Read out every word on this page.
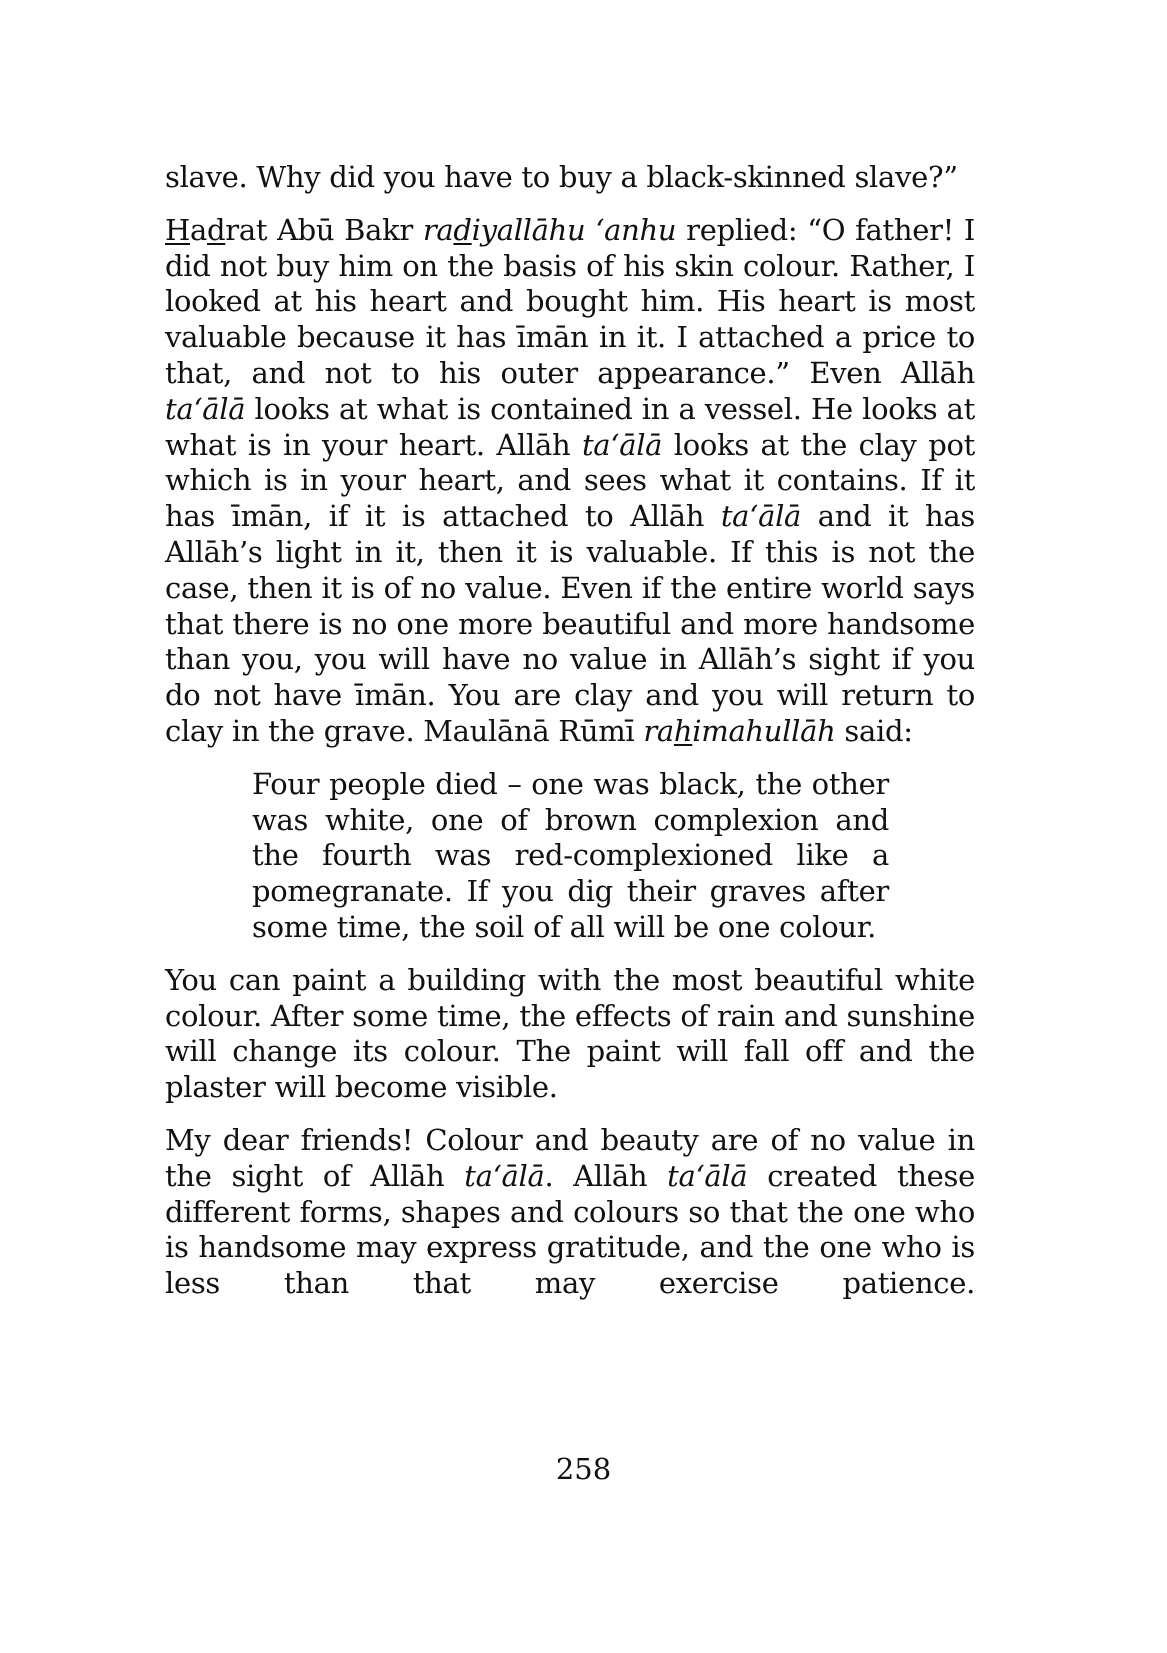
slave. Why did you have to buy a black-skinned slave?”

Hadrat Abū Bakr radiyallāhu ‘anhu replied: “O father! I did not buy him on the basis of his skin colour. Rather, I looked at his heart and bought him. His heart is most valuable because it has īmān in it. I attached a price to that, and not to his outer appearance.” Even Allāh ta‘ālā looks at what is contained in a vessel. He looks at what is in your heart. Allāh ta‘ālā looks at the clay pot which is in your heart, and sees what it contains. If it has īmān, if it is attached to Allāh ta‘ālā and it has Allāh’s light in it, then it is valuable. If this is not the case, then it is of no value. Even if the entire world says that there is no one more beautiful and more handsome than you, you will have no value in Allāh’s sight if you do not have īmān. You are clay and you will return to clay in the grave. Maulānā Rūmī rahimahullāh said:

Four people died – one was black, the other was white, one of brown complexion and the fourth was red-complexioned like a pomegranate. If you dig their graves after some time, the soil of all will be one colour.

You can paint a building with the most beautiful white colour. After some time, the effects of rain and sunshine will change its colour. The paint will fall off and the plaster will become visible.

My dear friends! Colour and beauty are of no value in the sight of Allāh ta‘ālā. Allāh ta‘ālā created these different forms, shapes and colours so that the one who is handsome may express gratitude, and the one who is less than that may exercise patience.

258
